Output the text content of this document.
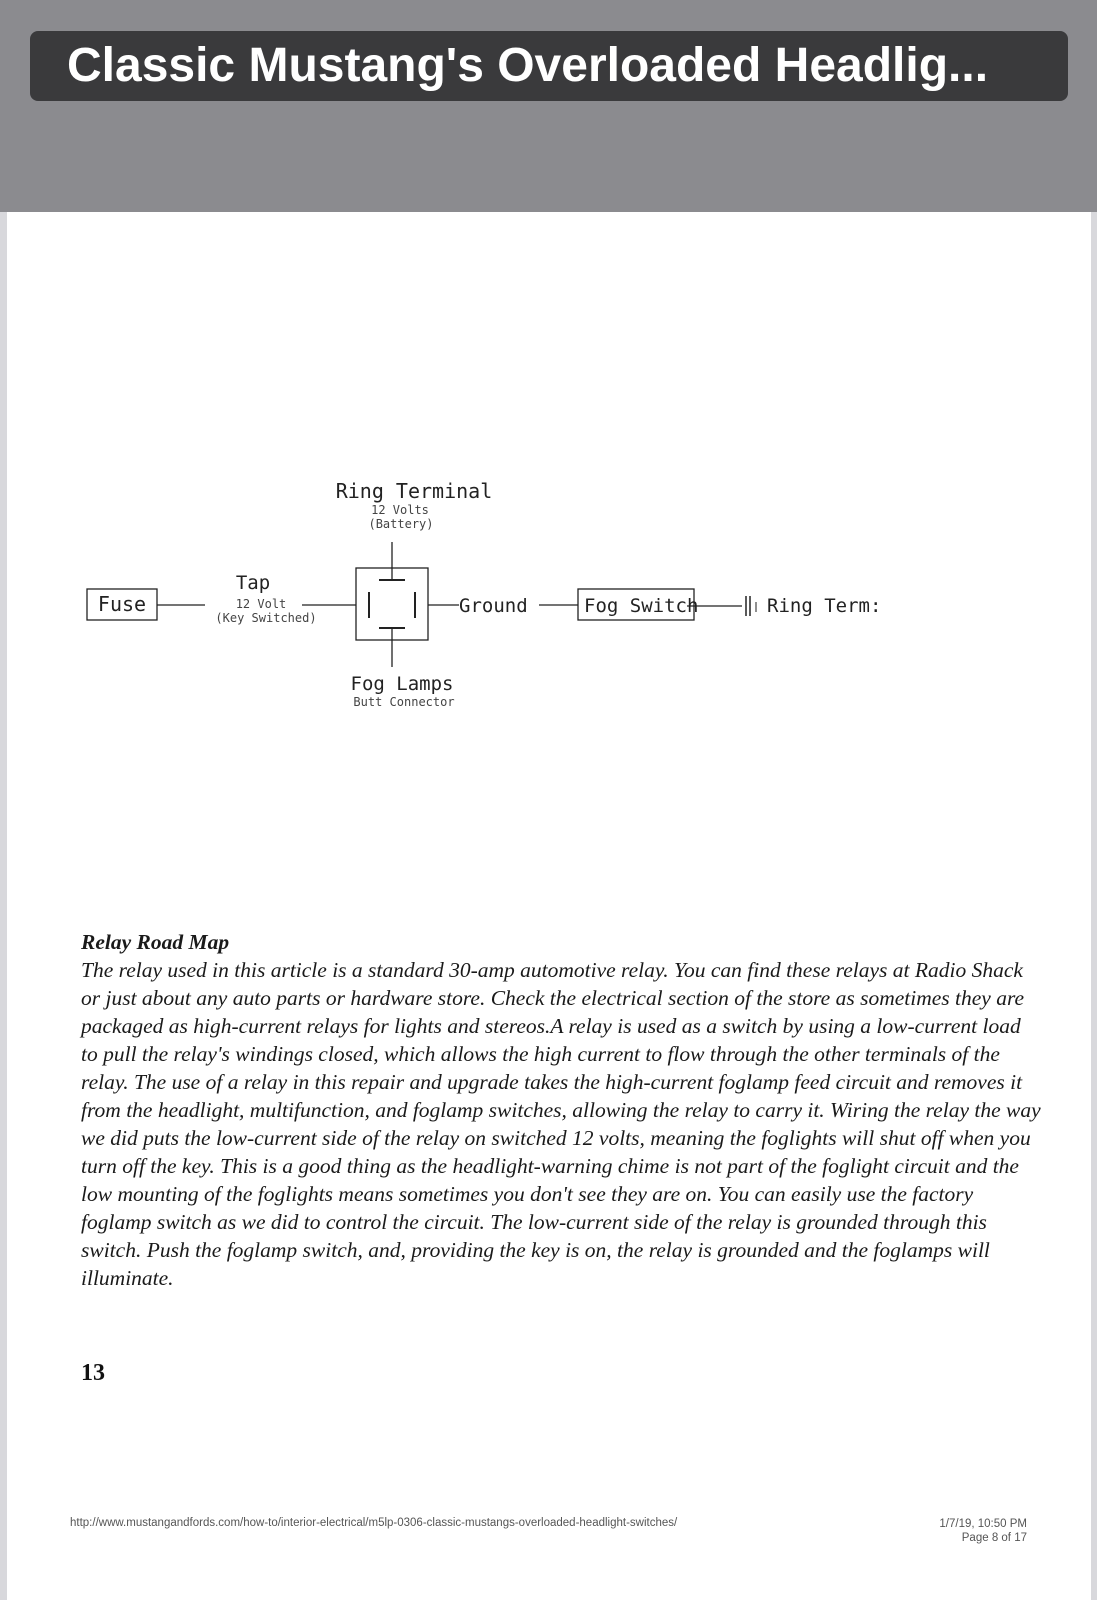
Classic Mustang's Overloaded Headlig...
Ring Terminal
12 Volts
(Battery)
Fuse
Tap
12 Volt
(Key Switched)
Ground	Fog Switch	Ring Term:
Fog Lamps
Butt Connector

Relay Road Map

The relay used in this article is a standard 30-amp automotive relay. You can find these relays at Radio Shack or just about any auto parts or hardware store. Check the electrical section of the store as sometimes they are packaged as high-current relays for lights and stereos.A relay is used as a switch by using a low-current load to pull the relay's windings closed, which allows the high current to flow through the other terminals of the relay. The use of a relay in this repair and upgrade takes the high-current foglamp feed circuit and removes it from the headlight, multifunction, and foglamp switches, allowing the relay to carry it. Wiring the relay the way we did puts the low-current side of the relay on switched 12 volts, meaning the foglights will shut off when you turn off the key. This is a good thing as the headlight-warning chime is not part of the foglight circuit and the low mounting of the foglights means sometimes you don't see they are on. You can easily use the factory foglamp switch as we did to control the circuit. The low-current side of the relay is grounded through this switch. Push the foglamp switch, and, providing the key is on, the relay is grounded and the foglamps will illuminate.

13
http://www.mustangandfords.com/how-to/interior-electrical/m5lp-0306-classic-mustangs-overloaded-headlight-switches/	1/7/19, 10:50 PM
Page 8 of 17
